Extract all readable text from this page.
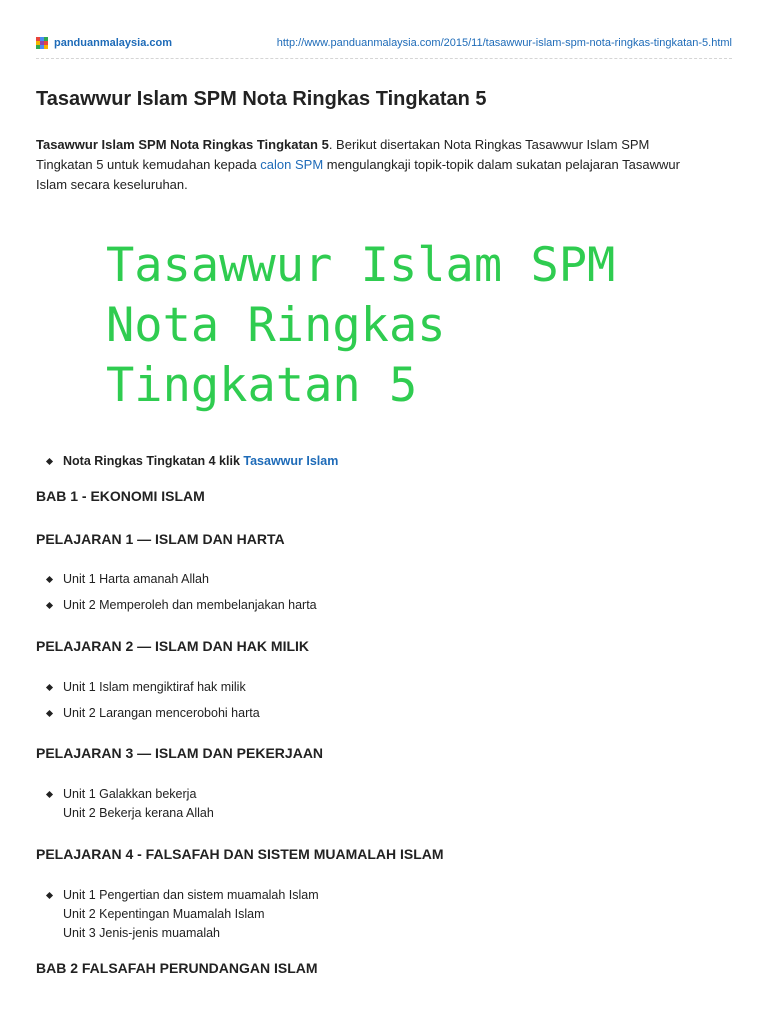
panduanmalaysia.com	http://www.panduanmalaysia.com/2015/11/tasawwur-islam-spm-nota-ringkas-tingkatan-5.html
Tasawwur Islam SPM Nota Ringkas Tingkatan 5

Tasawwur Islam SPM Nota Ringkas Tingkatan 5. Berikut disertakan Nota Ringkas Tasawwur Islam SPM Tingkatan 5 untuk kemudahan kepada calon SPM mengulangkaji topik-topik dalam sukatan pelajaran Tasawwur Islam secara keseluruhan.

Tasawwur Islam SPM
Nota Ringkas
Tingkatan 5
Nota Ringkas Tingkatan 4 klik Tasawwur Islam
BAB 1 - EKONOMI ISLAM
PELAJARAN 1 — ISLAM DAN HARTA
Unit 1 Harta amanah Allah
Unit 2 Memperoleh dan membelanjakan harta
PELAJARAN 2 — ISLAM DAN HAK MILIK
Unit 1 Islam mengiktiraf hak milik
Unit 2 Larangan mencerobohi harta
PELAJARAN 3 — ISLAM DAN PEKERJAAN
Unit 1 Galakkan bekerja
Unit 2 Bekerja kerana Allah
PELAJARAN 4 - FALSAFAH DAN SISTEM MUAMALAH ISLAM
Unit 1 Pengertian dan sistem muamalah Islam
Unit 2 Kepentingan Muamalah Islam
Unit 3 Jenis-jenis muamalah
BAB 2 FALSAFAH PERUNDANGAN ISLAM
